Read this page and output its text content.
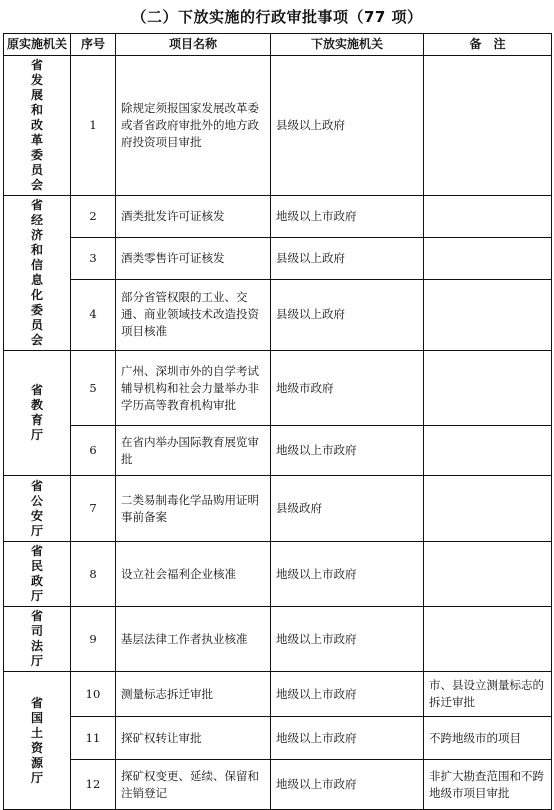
（二）下放实施的行政审批事项（77 项）
原实施机关	序号	项目名称	下放实施机关	备　注
省发展和改革委员会	1	除规定须报国家发展改革委或者省政府审批外的地方政府投资项目审批	县级以上政府	
省经济和信息化委员会	2	酒类批发许可证核发	地级以上市政府	
	3	酒类零售许可证核发	县级以上政府	
	4	部分省管权限的工业、交通、商业领域技术改造投资项目核准	县级以上政府	
省教育厅	5	广州、深圳市外的自学考试辅导机构和社会力量举办非学历高等教育机构审批	地级市政府	
	6	在省内举办国际教育展览审批	地级以上市政府	
省公安厅	7	二类易制毒化学品购用证明事前备案	县级政府	
省民政厅	8	设立社会福利企业核准	地级以上市政府	
省司法厅	9	基层法律工作者执业核准	地级以上市政府	
省国土资源厅	10	测量标志拆迁审批	地级以上市政府	市、县设立测量标志的拆迁审批
	11	探矿权转让审批	地级以上市政府	不跨地级市的项目
	12	探矿权变更、延续、保留和注销登记	地级以上市政府	非扩大勘查范围和不跨地级市项目审批
